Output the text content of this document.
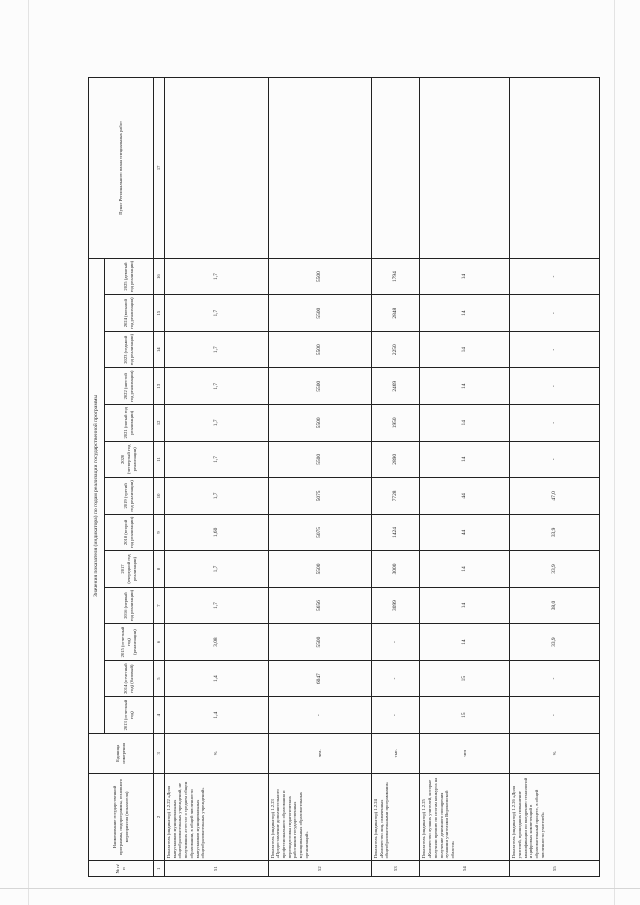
№ п/п	Наименование государственной программы, подпрограммы, основного мероприятия (показателя)	Единица измерения	Значения показателя (индикатора) по годам реализации государственной программы													Пункт Регионального плана специальных работ
			2013 (отчетный год)	2014 (отчетный год) (базовый)	2015 (отчетный год) (реализации)	2016 (первый год реализации)	2017 (очередной год реализации)	2018 (второй год реализации)	2019 (третий год реализации)	2020 (четвертый год реализации)	2021 (пятый год реализации)	2022 (шестой год реализации)	2023 (седьмой год реализации)	2024 (восьмой год реализации)	2025 (девятый год реализации)	
1	2	3	4	5	6	7	8	9	10	11	12	13	14	15	16	17
51	Показатель (индикатор) 1.2.22 «Доля выпускников муниципальных общеобразовательных учреждений, не получивших аттестат о среднем общем образовании, в общей численности выпускников муниципальных общеобразовательных учреждений»	%	1,4	1,4	3,08	1,7	1,7	1,60	1,7	1,7	1,7	1,7	1,7	1,7	1,7	
52	Показатель (индикатор) 1.2.23 «Предоставление дополнительного профессионального образования и переподготовка педагогических работников государственных муниципальных образовательных организаций»	чел.	-	6047	5500	5656	5500	5075	5075	5500	5500	5500	5500	5500	5500	
53	Показатель (индикатор) 1.2.24 «Количество лиц, охваченных общеобразовательными программами»	тыс.	-	-	-	3099	3000	1424	7728	2890	1950	2469	2250	2848	1794	
54	Показатель (индикатор) 1.2.25 «Количество лучших учителей, которые получили премию по итогам конкурса на получение денежного поощрения лучшими учителями Воронежской области»	чел	15	15	14	14	14	44	44	14	14	14	14	14	14	
55	Показатель (индикатор) 1.2.26 «Доля учителей, прошедших повышение квалификации по внедрению технологий и цифровых компетенций в образовательный процесс, в общей численности учителей»	%	-	-	33,9	38,0	33,9	33,9	47,0	-	-	-	-	-	-	
